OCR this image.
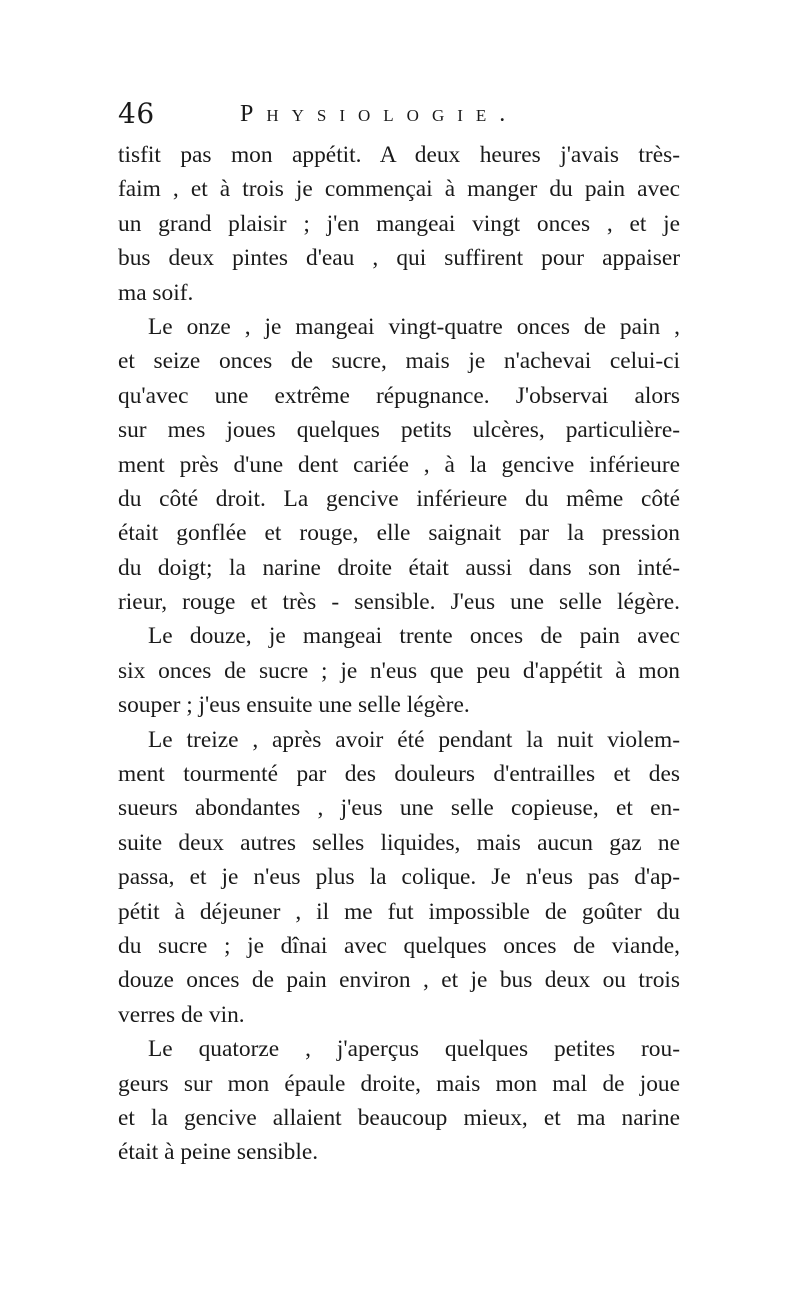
46	Physiologie.
tisfit pas mon appétit. A deux heures j'avais très-
faim , et à trois je commençai à manger du pain avec
un grand plaisir ; j'en mangeai vingt onces , et je
bus deux pintes d'eau , qui suffirent pour appaiser
ma soif.
Le onze , je mangeai vingt-quatre onces de pain ,
et seize onces de sucre, mais je n'achevai celui-ci
qu'avec une extrême répugnance. J'observai alors
sur mes joues quelques petits ulcères, particulière-
ment près d'une dent cariée , à la gencive inférieure
du côté droit. La gencive inférieure du même côté
était gonflée et rouge, elle saignait par la pression
du doigt; la narine droite était aussi dans son inté-
rieur, rouge et très - sensible. J'eus une selle légère.
Le douze, je mangeai trente onces de pain avec
six onces de sucre ; je n'eus que peu d'appétit à mon
souper ; j'eus ensuite une selle légère.
Le treize , après avoir été pendant la nuit violem-
ment tourmenté par des douleurs d'entrailles et des
sueurs abondantes , j'eus une selle copieuse, et en-
suite deux autres selles liquides, mais aucun gaz ne
passa, et je n'eus plus la colique. Je n'eus pas d'ap-
pétit à déjeuner , il me fut impossible de goûter du
du sucre ; je dînai avec quelques onces de viande,
douze onces de pain environ , et je bus deux ou trois
verres de vin.
Le quatorze , j'aperçus quelques petites rou-
geurs sur mon épaule droite, mais mon mal de joue
et la gencive allaient beaucoup mieux, et ma narine
était à peine sensible.
